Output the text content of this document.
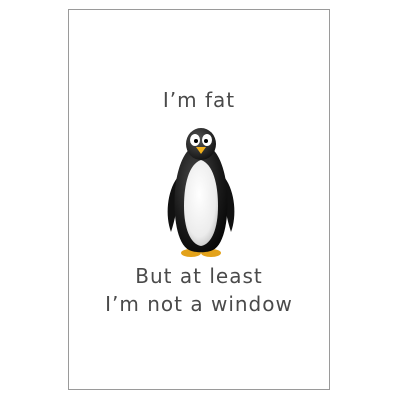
I’m fat
But at least
I’m not a window
